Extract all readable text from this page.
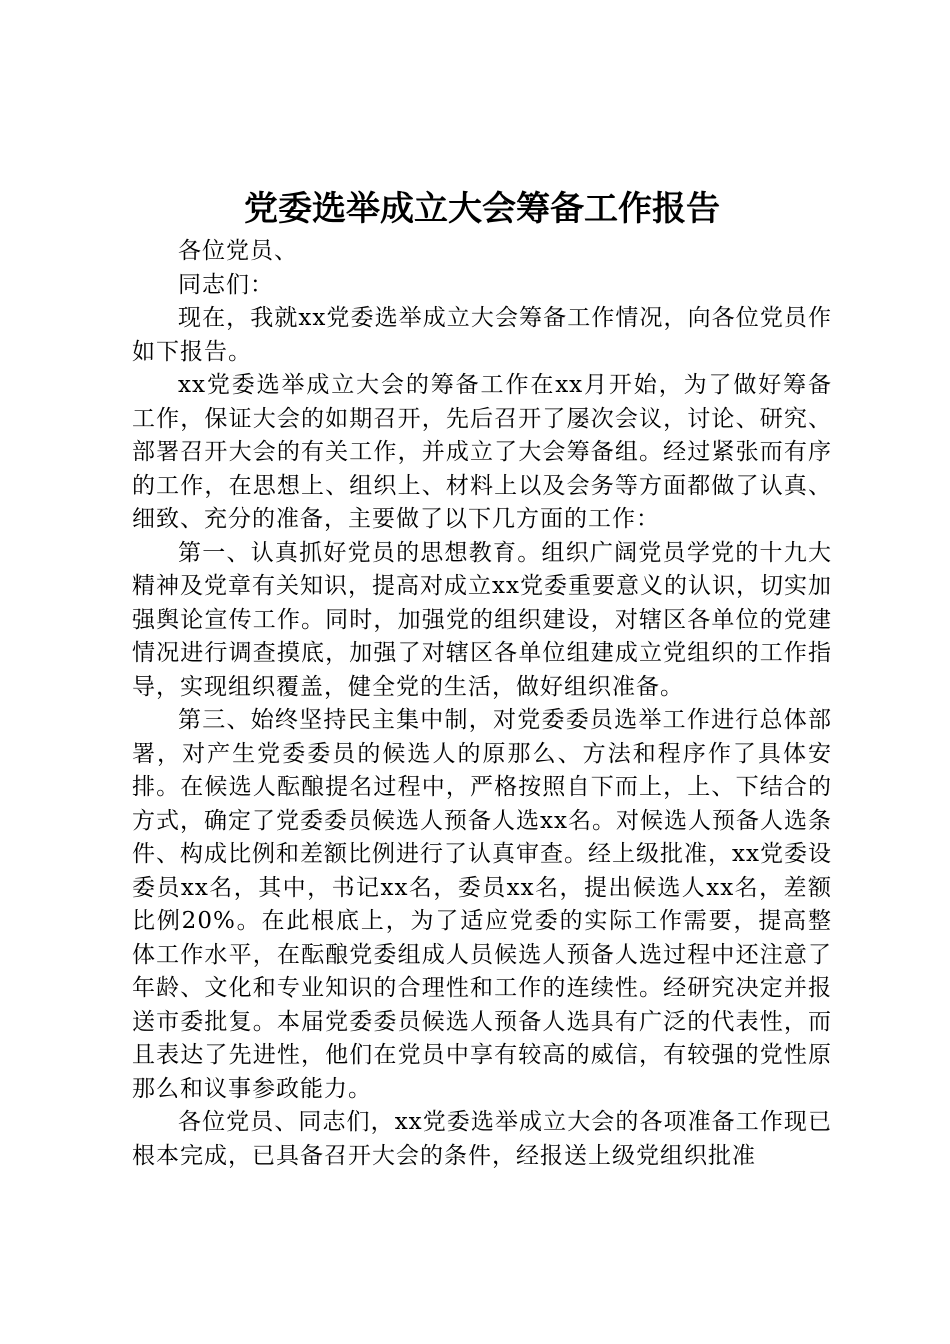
党委选举成立大会筹备工作报告

各位党员、

同志们：

现在，我就xx党委选举成立大会筹备工作情况，向各位党员作如下报告。

xx党委选举成立大会的筹备工作在xx月开始，为了做好筹备工作，保证大会的如期召开，先后召开了屡次会议，讨论、研究、部署召开大会的有关工作，并成立了大会筹备组。经过紧张而有序的工作，在思想上、组织上、材料上以及会务等方面都做了认真、细致、充分的准备，主要做了以下几方面的工作：

第一、认真抓好党员的思想教育。组织广阔党员学党的十九大精神及党章有关知识，提高对成立xx党委重要意义的认识，切实加强舆论宣传工作。同时，加强党的组织建设，对辖区各单位的党建情况进行调查摸底，加强了对辖区各单位组建成立党组织的工作指导，实现组织覆盖，健全党的生活，做好组织准备。

第三、始终坚持民主集中制，对党委委员选举工作进行总体部署，对产生党委委员的候选人的原那么、方法和程序作了具体安排。在候选人酝酿提名过程中，严格按照自下而上，上、下结合的方式，确定了党委委员候选人预备人选xx名。对候选人预备人选条件、构成比例和差额比例进行了认真审查。经上级批准，xx党委设委员xx名，其中，书记xx名，委员xx名，提出候选人xx名，差额比例20%。在此根底上，为了适应党委的实际工作需要，提高整体工作水平，在酝酿党委组成人员候选人预备人选过程中还注意了年龄、文化和专业知识的合理性和工作的连续性。经研究决定并报送市委批复。本届党委委员候选人预备人选具有广泛的代表性，而且表达了先进性，他们在党员中享有较高的威信，有较强的党性原那么和议事参政能力。

各位党员、同志们，xx党委选举成立大会的各项准备工作现已根本完成，已具备召开大会的条件，经报送上级党组织批准
